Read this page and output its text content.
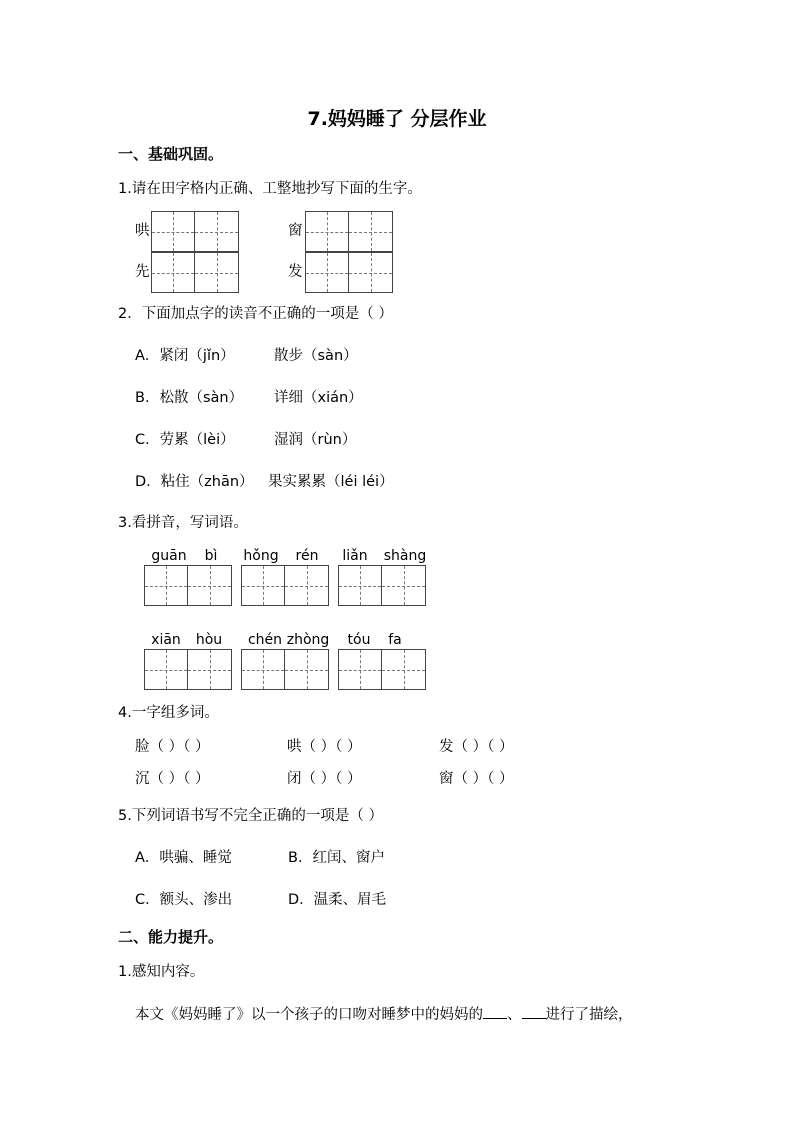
7.妈妈睡了 分层作业
一、基础巩固。
1.请在田字格内正确、工整地抄写下面的生字。
哄	窗
先	发
2．下面加点字的读音不正确的一项是（ ）
A．紧闭（jǐn）	散步（sàn）
B．松散（sàn） 详细（xián）
C．劳累（lèi）	湿润（rùn）
D．粘住（zhān） 果实累累（léi léi）
3.看拼音，写词语。
guān	bì	hǒng	rén	liǎn	shàng
xiān	hòu	chén zhòng	tóu	fa
4.一字组多词。
脸（ ）（ ）	哄（ ）（ ）	发（ ）（ ）
沉（ ）（ ）	闭（ ）（ ）	窗（ ）（ ）
5.下列词语书写不完全正确的一项是（ ）
A．哄骗、睡觉	B．红闰、窗户
C．额头、渗出	D．温柔、眉毛
二、能力提升。
1.感知内容。
本文《妈妈睡了》以一个孩子的口吻对睡梦中的妈妈的 、 进行了描绘，
